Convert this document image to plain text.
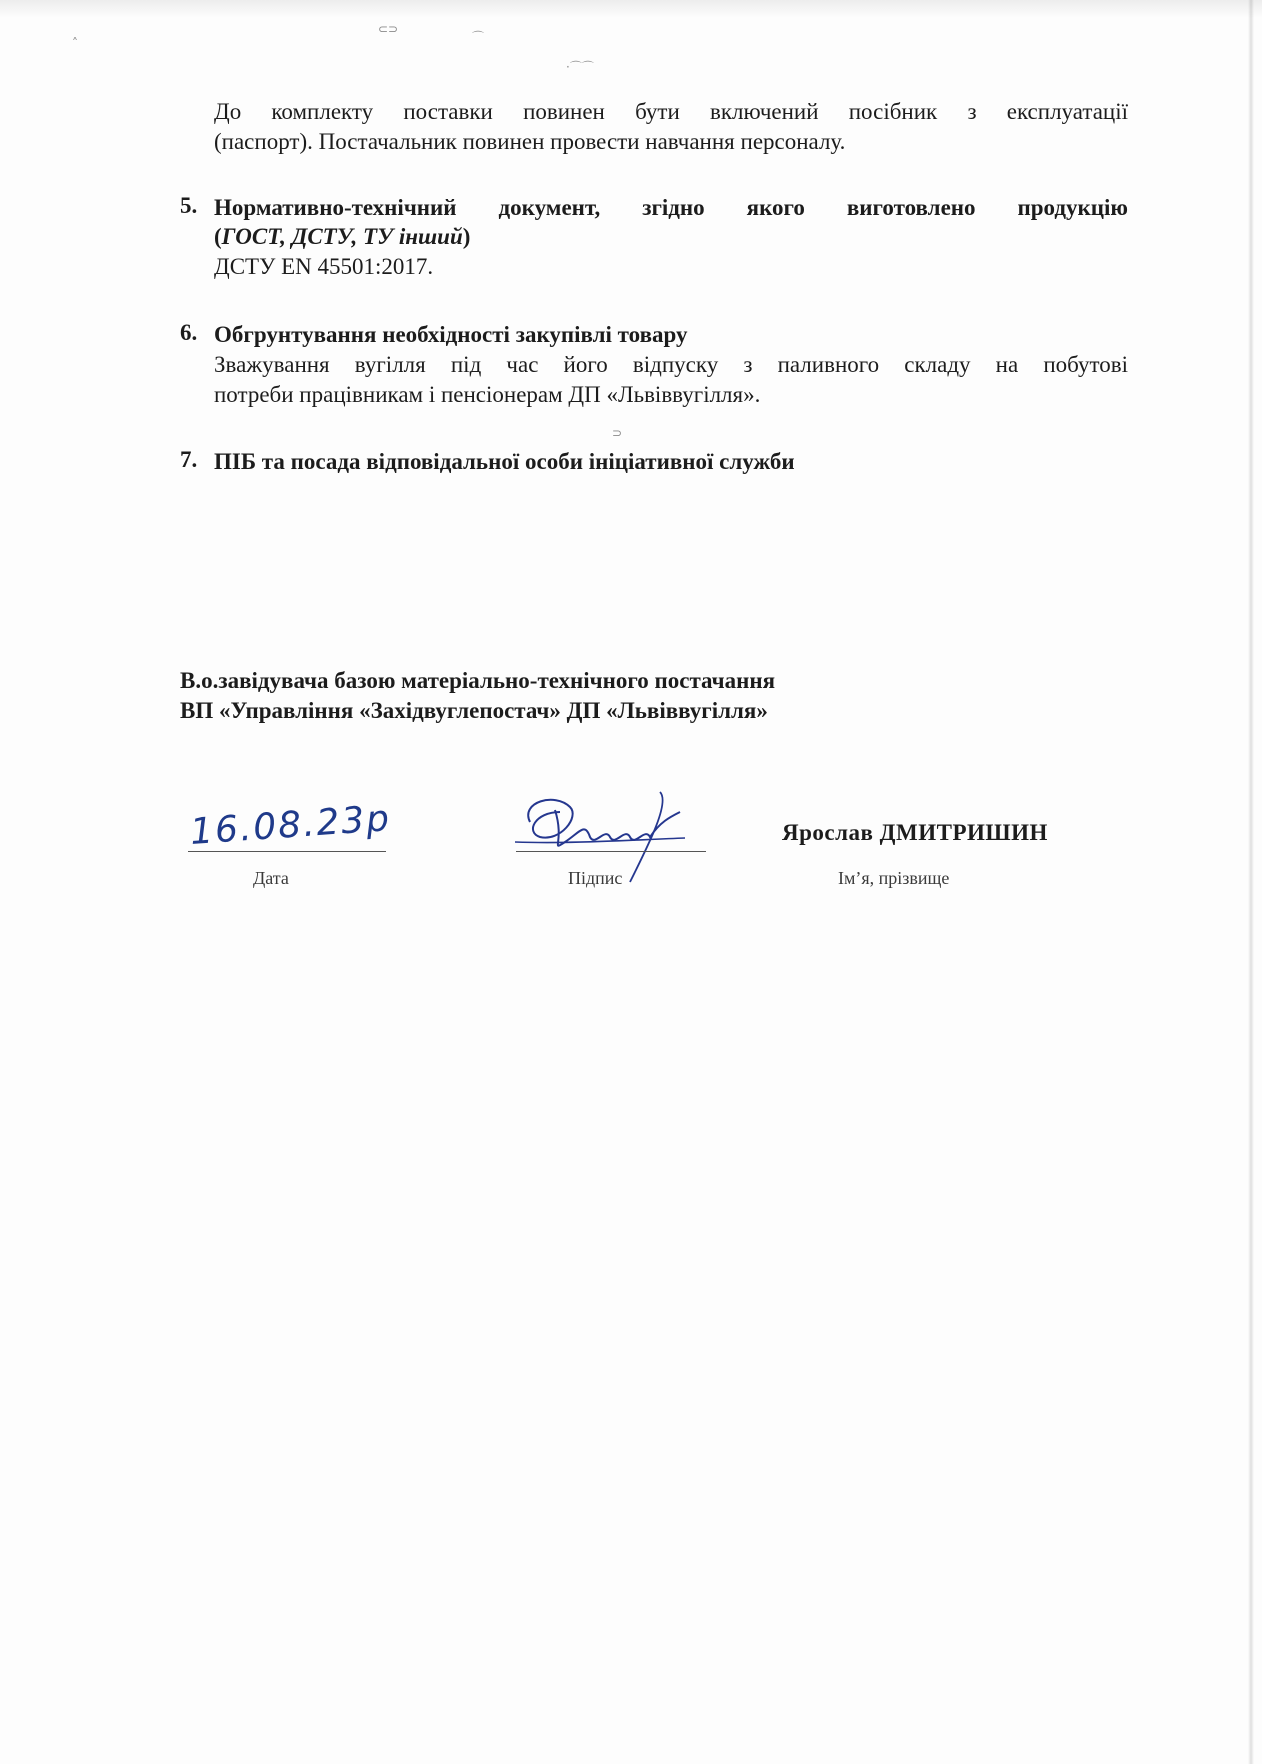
⊂⊃
⌒
·⌒⌒
˄
⊃
До комплекту поставки повинен бути включений посібник з експлуатації
(паспорт). Постачальник повинен провести навчання персоналу.
5. Нормативно-технічний документ, згідно якого виготовлено продукцію
(ГОСТ, ДСТУ, ТУ інший)
ДСТУ EN 45501:2017.
6. Обгрунтування необхідності закупівлі товару
Зважування вугілля під час його відпуску з паливного складу на побутові
потреби працівникам і пенсіонерам ДП «Львіввугілля».
7. ПІБ та посада відповідальної особи ініціативної служби
В.о.завідувача базою матеріально-технічного постачання
ВП «Управління «Західвуглепостач» ДП «Львіввугілля»
16.08.23р
Дата	Підпис
Ярослав ДМИТРИШИН
Ім’я, прізвище
